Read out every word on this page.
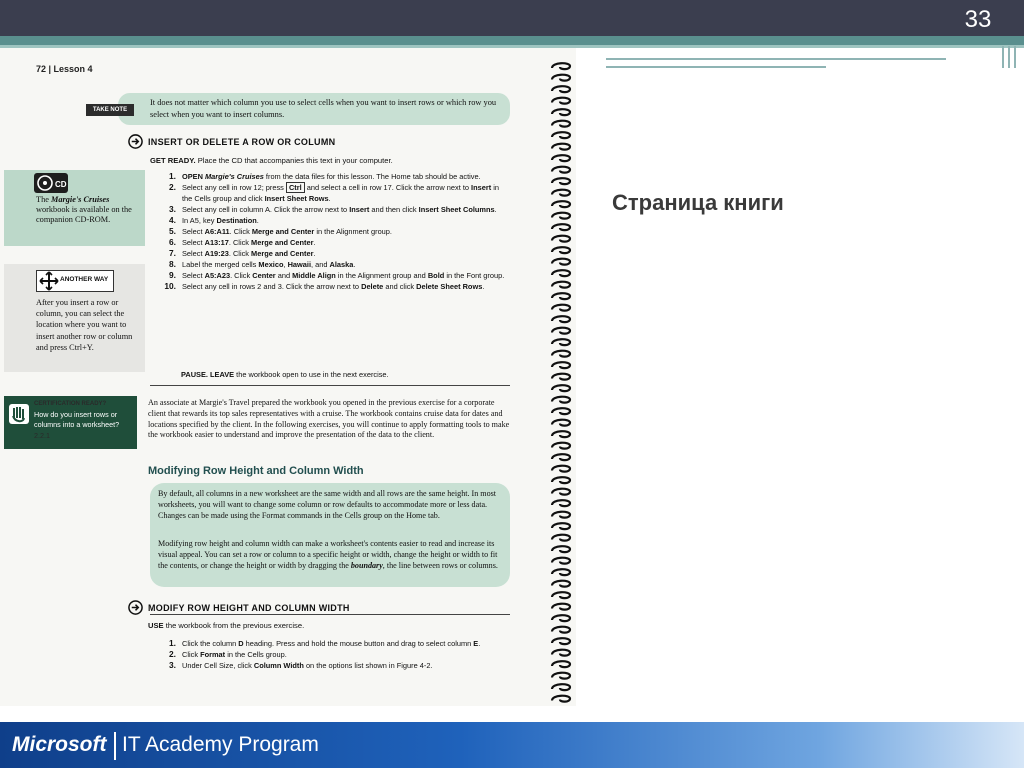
33
72 | Lesson 4
TAKE NOTE
It does not matter which column you use to select cells when you want to insert rows or which row you select when you want to insert columns.
INSERT OR DELETE A ROW OR COLUMN
GET READY. Place the CD that accompanies this text in your computer.
1. OPEN Margie's Cruises from the data files for this lesson. The Home tab should be active.
2. Select any cell in row 12; press Ctrl and select a cell in row 17. Click the arrow next to Insert in the Cells group and click Insert Sheet Rows.
3. Select any cell in column A. Click the arrow next to Insert and then click Insert Sheet Columns.
4. In A5, key Destination.
5. Select A6:A11. Click Merge and Center in the Alignment group.
6. Select A13:17. Click Merge and Center.
7. Select A19:23. Click Merge and Center.
8. Label the merged cells Mexico, Hawaii, and Alaska.
9. Select A5:A23. Click Center and Middle Align in the Alignment group and Bold in the Font group.
10. Select any cell in rows 2 and 3. Click the arrow next to Delete and click Delete Sheet Rows.
PAUSE. LEAVE the workbook open to use in the next exercise.
An associate at Margie's Travel prepared the workbook you opened in the previous exercise for a corporate client that rewards its top sales representatives with a cruise. The workbook contains cruise data for dates and locations specified by the client. In the following exercises, you will continue to apply formatting tools to make the workbook easier to understand and improve the presentation of the data to the client.
Modifying Row Height and Column Width
By default, all columns in a new worksheet are the same width and all rows are the same height. In most worksheets, you will want to change some column or row defaults to accommodate more or less data. Changes can be made using the Format commands in the Cells group on the Home tab.
Modifying row height and column width can make a worksheet's contents easier to read and increase its visual appeal. You can set a row or column to a specific height or width, change the height or width to fit the contents, or change the height or width by dragging the boundary, the line between rows or columns.
MODIFY ROW HEIGHT AND COLUMN WIDTH
USE the workbook from the previous exercise.
1. Click the column D heading. Press and hold the mouse button and drag to select column E.
2. Click Format in the Cells group.
3. Under Cell Size, click Column Width on the options list shown in Figure 4-2.
CD
The Margie's Cruises workbook is available on the companion CD-ROM.
ANOTHER WAY
After you insert a row or column, you can select the location where you want to insert another row or column and press Ctrl+Y.
CERTIFICATION READY?
How do you insert rows or columns into a worksheet?
2.2.1
Страница книги
Microsoft IT Academy Program
